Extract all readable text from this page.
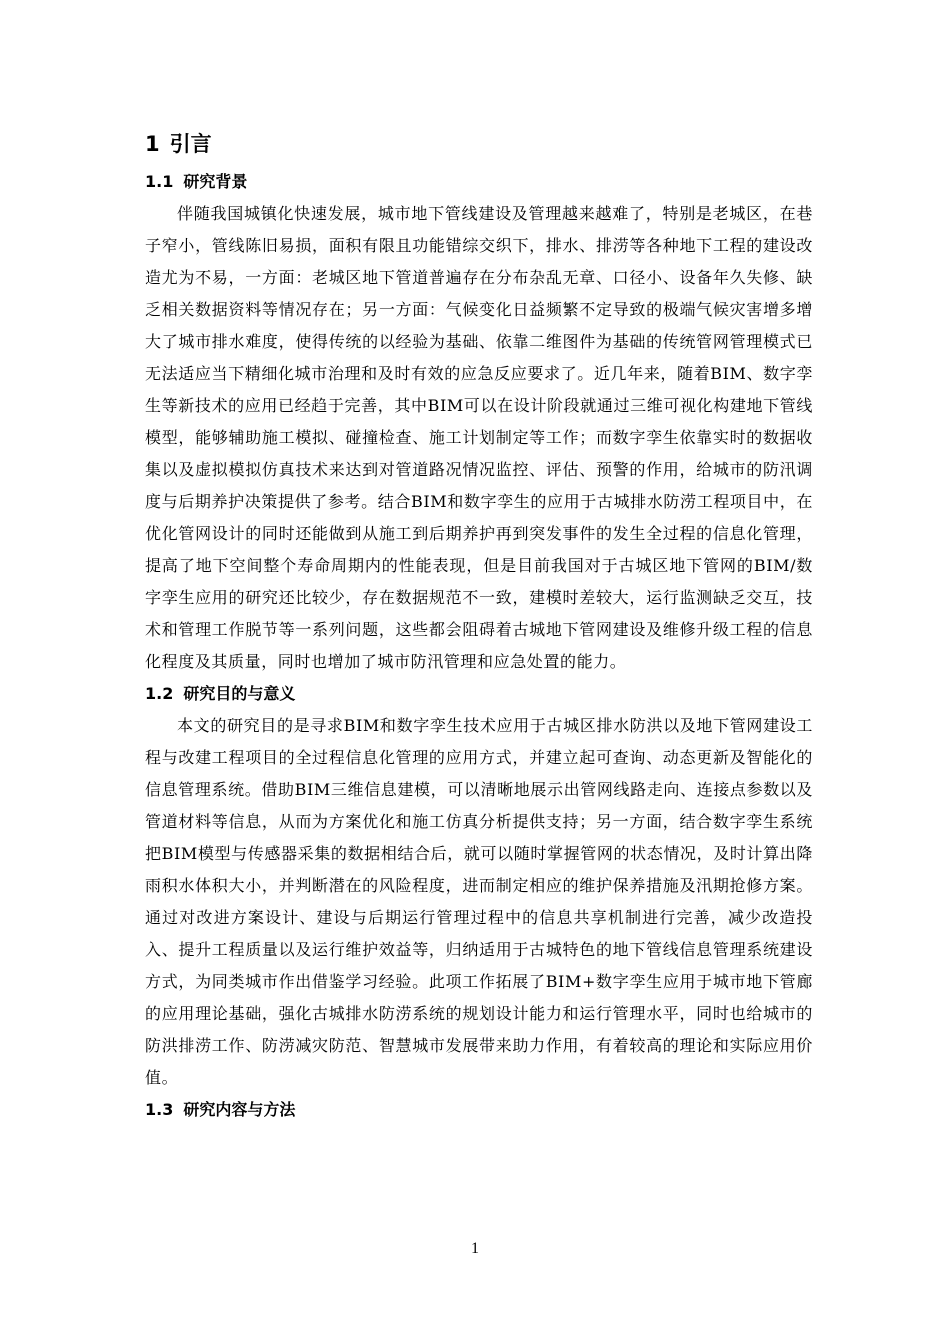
1 引言
1.1 研究背景

伴随我国城镇化快速发展，城市地下管线建设及管理越来越难了，特别是老城区，在巷子窄小，管线陈旧易损，面积有限且功能错综交织下，排水、排涝等各种地下工程的建设改造尤为不易，一方面：老城区地下管道普遍存在分布杂乱无章、口径小、设备年久失修、缺乏相关数据资料等情况存在；另一方面：气候变化日益频繁不定导致的极端气候灾害增多增大了城市排水难度，使得传统的以经验为基础、依靠二维图件为基础的传统管网管理模式已无法适应当下精细化城市治理和及时有效的应急反应要求了。近几年来，随着BIM、数字孪生等新技术的应用已经趋于完善，其中BIM可以在设计阶段就通过三维可视化构建地下管线模型，能够辅助施工模拟、碰撞检查、施工计划制定等工作；而数字孪生依靠实时的数据收集以及虚拟模拟仿真技术来达到对管道路况情况监控、评估、预警的作用，给城市的防汛调度与后期养护决策提供了参考。结合BIM和数字孪生的应用于古城排水防涝工程项目中，在优化管网设计的同时还能做到从施工到后期养护再到突发事件的发生全过程的信息化管理，提高了地下空间整个寿命周期内的性能表现，但是目前我国对于古城区地下管网的BIM/数字孪生应用的研究还比较少，存在数据规范不一致，建模时差较大，运行监测缺乏交互，技术和管理工作脱节等一系列问题，这些都会阻碍着古城地下管网建设及维修升级工程的信息化程度及其质量，同时也增加了城市防汛管理和应急处置的能力。

1.2 研究目的与意义

本文的研究目的是寻求BIM和数字孪生技术应用于古城区排水防洪以及地下管网建设工程与改建工程项目的全过程信息化管理的应用方式，并建立起可查询、动态更新及智能化的信息管理系统。借助BIM三维信息建模，可以清晰地展示出管网线路走向、连接点参数以及管道材料等信息，从而为方案优化和施工仿真分析提供支持；另一方面，结合数字孪生系统把BIM模型与传感器采集的数据相结合后，就可以随时掌握管网的状态情况，及时计算出降雨积水体积大小，并判断潜在的风险程度，进而制定相应的维护保养措施及汛期抢修方案。通过对改进方案设计、建设与后期运行管理过程中的信息共享机制进行完善，减少改造投入、提升工程质量以及运行维护效益等，归纳适用于古城特色的地下管线信息管理系统建设方式，为同类城市作出借鉴学习经验。此项工作拓展了BIM+数字孪生应用于城市地下管廊的应用理论基础，强化古城排水防涝系统的规划设计能力和运行管理水平，同时也给城市的防洪排涝工作、防涝减灾防范、智慧城市发展带来助力作用，有着较高的理论和实际应用价值。

1.3 研究内容与方法
1
